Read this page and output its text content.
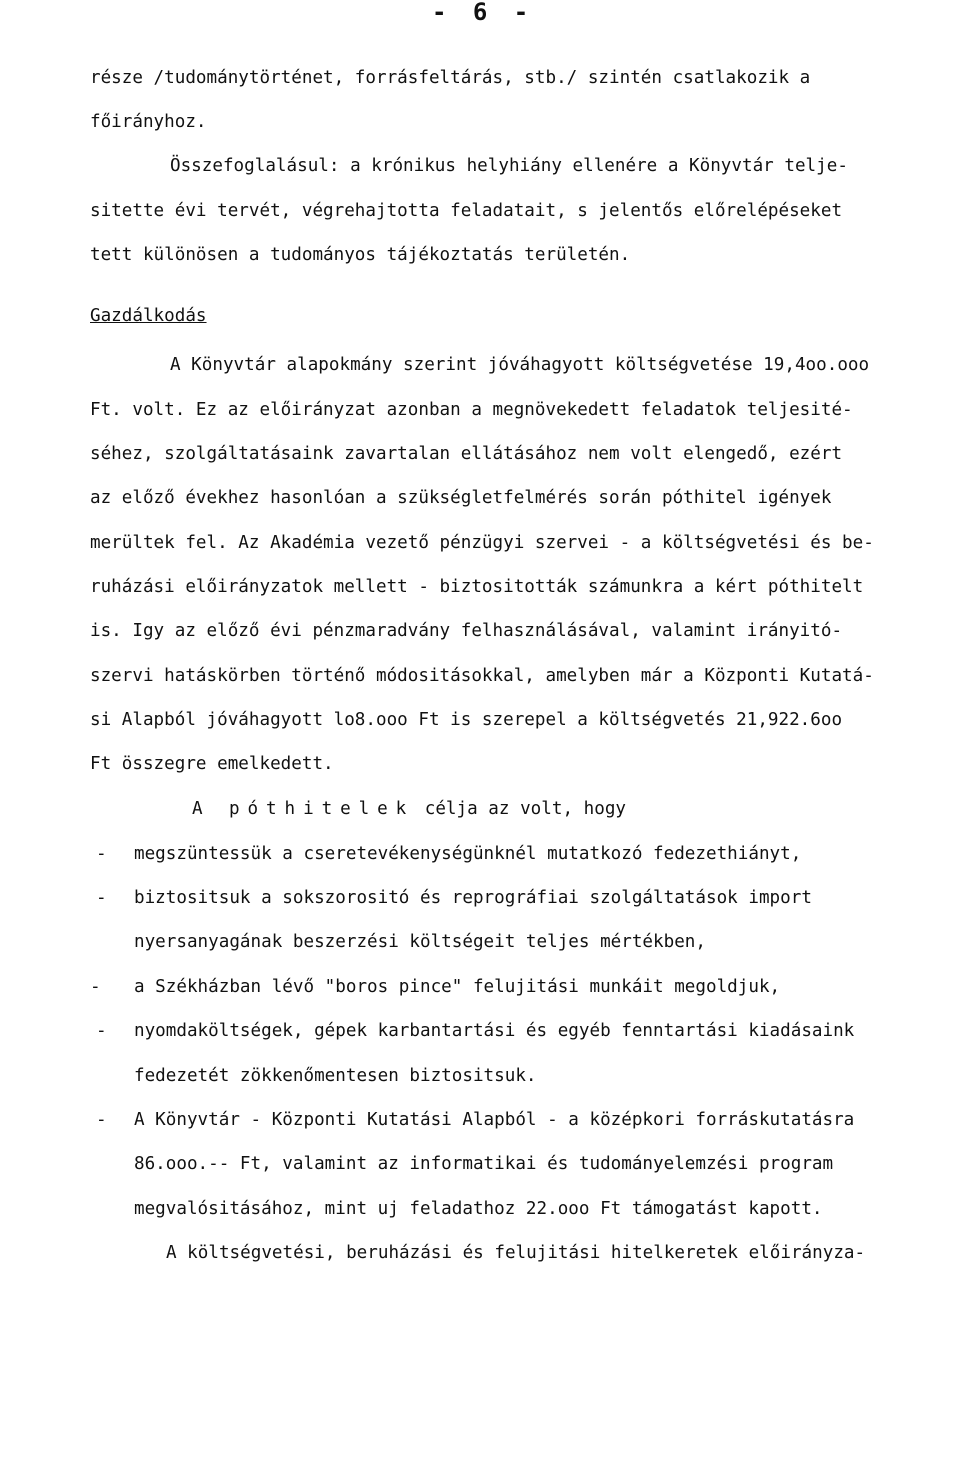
- 6 -
része /tudománytörténet, forrásfeltárás, stb./ szintén csatlakozik a
főirányhoz.
Összefoglalásul: a krónikus helyhiány ellenére a Könyvtár telje-
sitette évi tervét, végrehajtotta feladatait, s jelentős előrelépéseket
tett különösen a tudományos tájékoztatás területén.
Gazdálkodás
A Könyvtár alapokmány szerint jóváhagyott költségvetése 19,4oo.ooo
Ft. volt. Ez az előirányzat azonban a megnövekedett feladatok teljesité-
séhez, szolgáltatásaink zavartalan ellátásához nem volt elengedő, ezért
az előző évekhez hasonlóan a szükségletfelmérés során póthitel igények
merültek fel. Az Akadémia vezető pénzügyi szervei - a költségvetési és be-
ruházási előirányzatok mellett - biztositották számunkra a kért póthitelt
is. Igy az előző évi pénzmaradvány felhasználásával, valamint irányitó-
szervi hatáskörben történő módositásokkal, amelyben már a Központi Kutatá-
si Alapból jóváhagyott lo8.ooo Ft is szerepel a költségvetés 21,922.6oo
Ft összegre emelkedett.
A póthitelek célja az volt, hogy
- megszüntessük a cseretevékenységünknél mutatkozó fedezethiányt,
- biztositsuk a sokszorositó és reprográfiai szolgáltatások import
nyersanyagának beszerzési költségeit teljes mértékben,
- a Székházban lévő "boros pince" felujitási munkáit megoldjuk,
- nyomdaköltségek, gépek karbantartási és egyéb fenntartási kiadásaink
fedezetét zökkenőmentesen biztositsuk.
- A Könyvtár - Központi Kutatási Alapból - a középkori forráskutatásra
86.ooo.-- Ft, valamint az informatikai és tudományelemzési program
megvalósitásához, mint uj feladathoz 22.ooo Ft támogatást kapott.
A költségvetési, beruházási és felujitási hitelkeretek előirányza-
